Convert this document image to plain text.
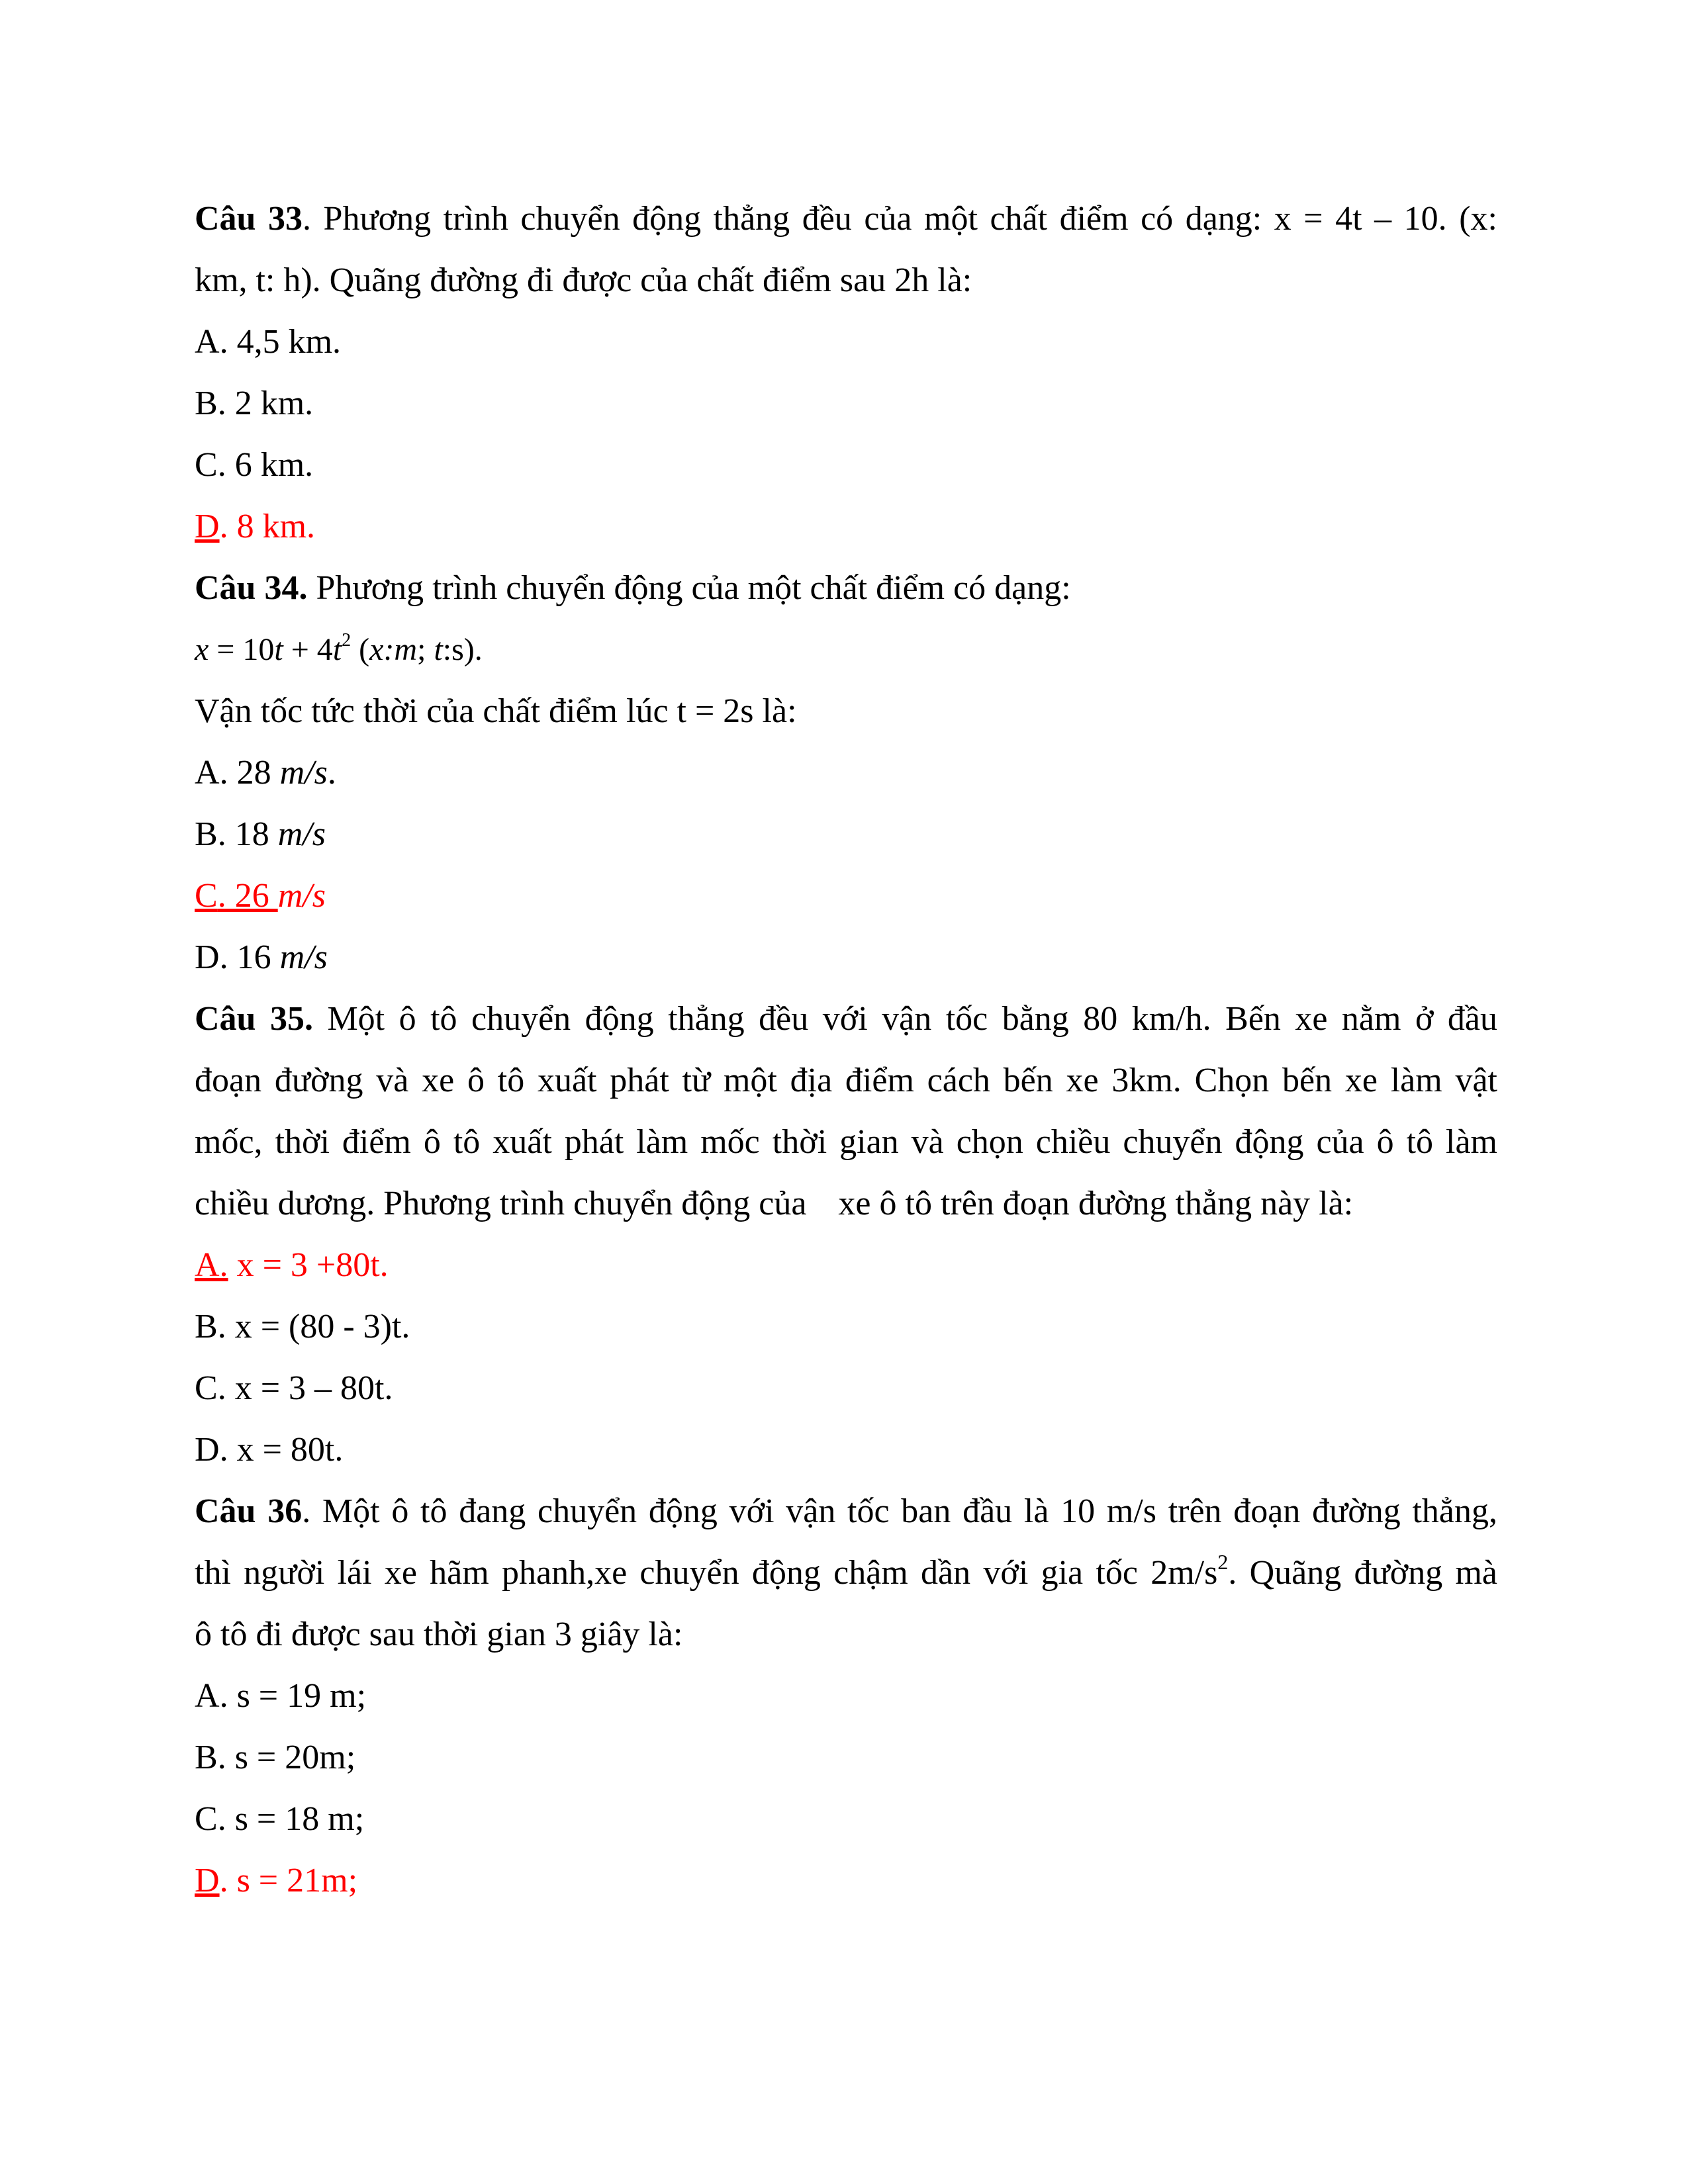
Câu 33. Phương trình chuyển động thẳng đều của một chất điểm có dạng: x = 4t – 10. (x:
km, t: h). Quãng đường đi được của chất điểm sau 2h là:
A. 4,5 km.
B. 2 km.
C. 6 km.
D. 8 km.
Câu 34. Phương trình chuyển động của một chất điểm có dạng:
$x = 10t + 4t^2$ (x:m; t:s).
Vận tốc tức thời của chất điểm lúc t = 2s là:
A. 28 m/s.
B. 18 m/s
C. 26 m/s
D. 16 m/s
Câu 35. Một ô tô chuyển động thẳng đều với vận tốc bằng 80 km/h. Bến xe nằm ở đầu
đoạn đường và xe ô tô xuất phát từ một địa điểm cách bến xe 3km. Chọn bến xe làm vật
mốc, thời điểm ô tô xuất phát làm mốc thời gian và chọn chiều chuyển động của ô tô làm
chiều dương. Phương trình chuyển động của xe ô tô trên đoạn đường thẳng này là:
A. x = 3 +80t.
B. x = (80 - 3)t.
C. x = 3 – 80t.
D. x = 80t.
Câu 36. Một ô tô đang chuyển động với vận tốc ban đầu là 10 m/s trên đoạn đường thẳng,
thì người lái xe hãm phanh,xe chuyển động chậm dần với gia tốc $2m/s^2$. Quãng đường mà
ô tô đi được sau thời gian 3 giây là:
A. s = 19 m;
B. s = 20m;
C. s = 18 m;
D. s = 21m;
